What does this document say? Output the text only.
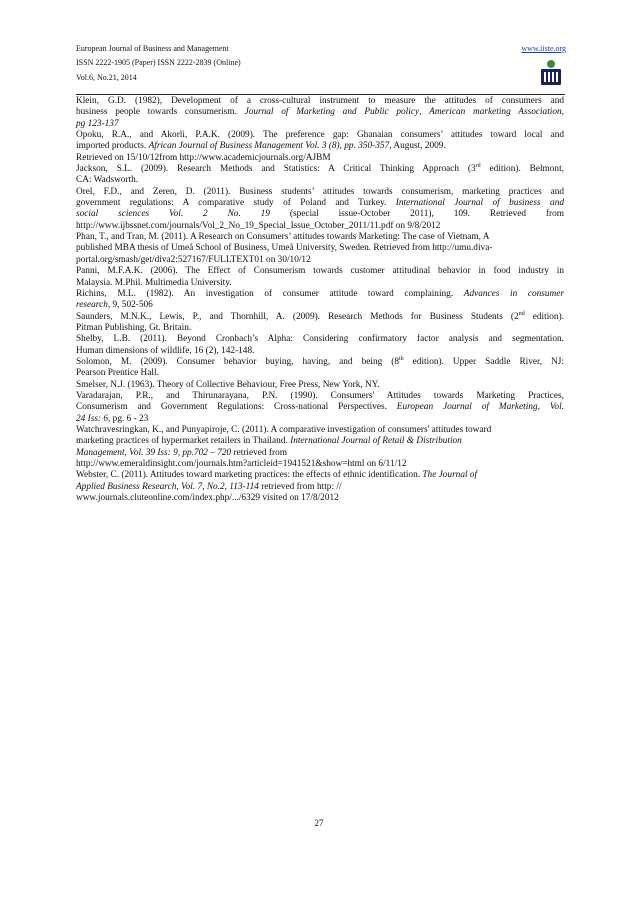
European Journal of Business and Management
ISSN 2222-1905 (Paper) ISSN 2222-2839 (Online)
Vol.6, No.21, 2014
www.iiste.org

Klein, G.D. (1982), Development of a cross-cultural instrument to measure the attitudes of consumers and

business people towards consumerism. Journal of Marketing and Public policy, American marketing Association,

pg 123-137

Opoku, R.A., and Akorli, P.A.K. (2009). The preference gap: Ghanaian consumers’ attitudes toward local and

imported products. African Journal of Business Management Vol. 3 (8), pp. 350-357, August, 2009.

Retrieved on 15/10/12from http://www.academicjournals.org/AJBM

Jackson, S.L. (2009). Research Methods and Statistics: A Critical Thinking Approach (3rd edition). Belmont,

CA: Wadsworth.

Orel, F.D., and Zeren, D. (2011). Business students’ attitudes towards consumerism, marketing practices and

government regulations: A comparative study of Poland and Turkey. International Journal of business and

social sciences Vol. 2 No. 19 (special issue-October 2011), 109. Retrieved from

http://www.ijbssnet.com/journals/Vol_2_No_19_Special_Issue_October_2011/11.pdf on 9/8/2012

Phan, T., and Tran, M. (2011). A Research on Consumers’ attitudes towards Marketing: The case of Vietnam, A

published MBA thesis of Umeå School of Business, Umeå University, Sweden. Retrieved from http://umu.diva-

portal.org/smash/get/diva2:527167/FULLTEXT01 on 30/10/12

Panni, M.F.A.K. (2006). The Effect of Consumerism towards customer attitudinal behavior in food industry in

Malaysia. M.Phil. Multimedia University.

Richins, M.L. (1982). An investigation of consumer attitude toward complaining. Advances in consumer

research, 9, 502-506

Saunders, M.N.K., Lewis, P., and Thornhill, A. (2009). Research Methods for Business Students (2nd edition).

Pitman Publishing, Gt. Britain.

Shelby, L.B. (2011). Beyond Cronbach’s Alpha: Considering confirmatory factor analysis and segmentation.

Human dimensions of wildlife, 16 (2), 142-148.

Solomon, M. (2009). Consumer behavior buying, having, and being (8th edition). Upper Saddle River, NJ:

Pearson Prentice Hall.

Smelser, N.J. (1963). Theory of Collective Behaviour, Free Press, New York, NY.

Varadarajan, P.R., and Thirunarayana, P.N. (1990). Consumers' Attitudes towards Marketing Practices,

Consumerism and Government Regulations: Cross-national Perspectives. European Journal of Marketing, Vol.

24 Iss: 6, pg. 6 - 23

Watchravesringkan, K., and Punyapiroje, C. (2011). A comparative investigation of consumers' attitudes toward

marketing practices of hypermarket retailers in Thailand. International Journal of Retail & Distribution

Management, Vol. 39 Iss: 9, pp.702 – 720 retrieved from

http://www.emeraldinsight.com/journals.htm?articleid=1941521&show=html on 6/11/12

Webster, C. (2011). Attitudes toward marketing practices: the effects of ethnic identification. The Journal of

Applied Business Research, Vol. 7, No.2, 113-114 retrieved from http: //

www.journals.cluteonline.com/index.php/.../6329 visited on 17/8/2012

27
